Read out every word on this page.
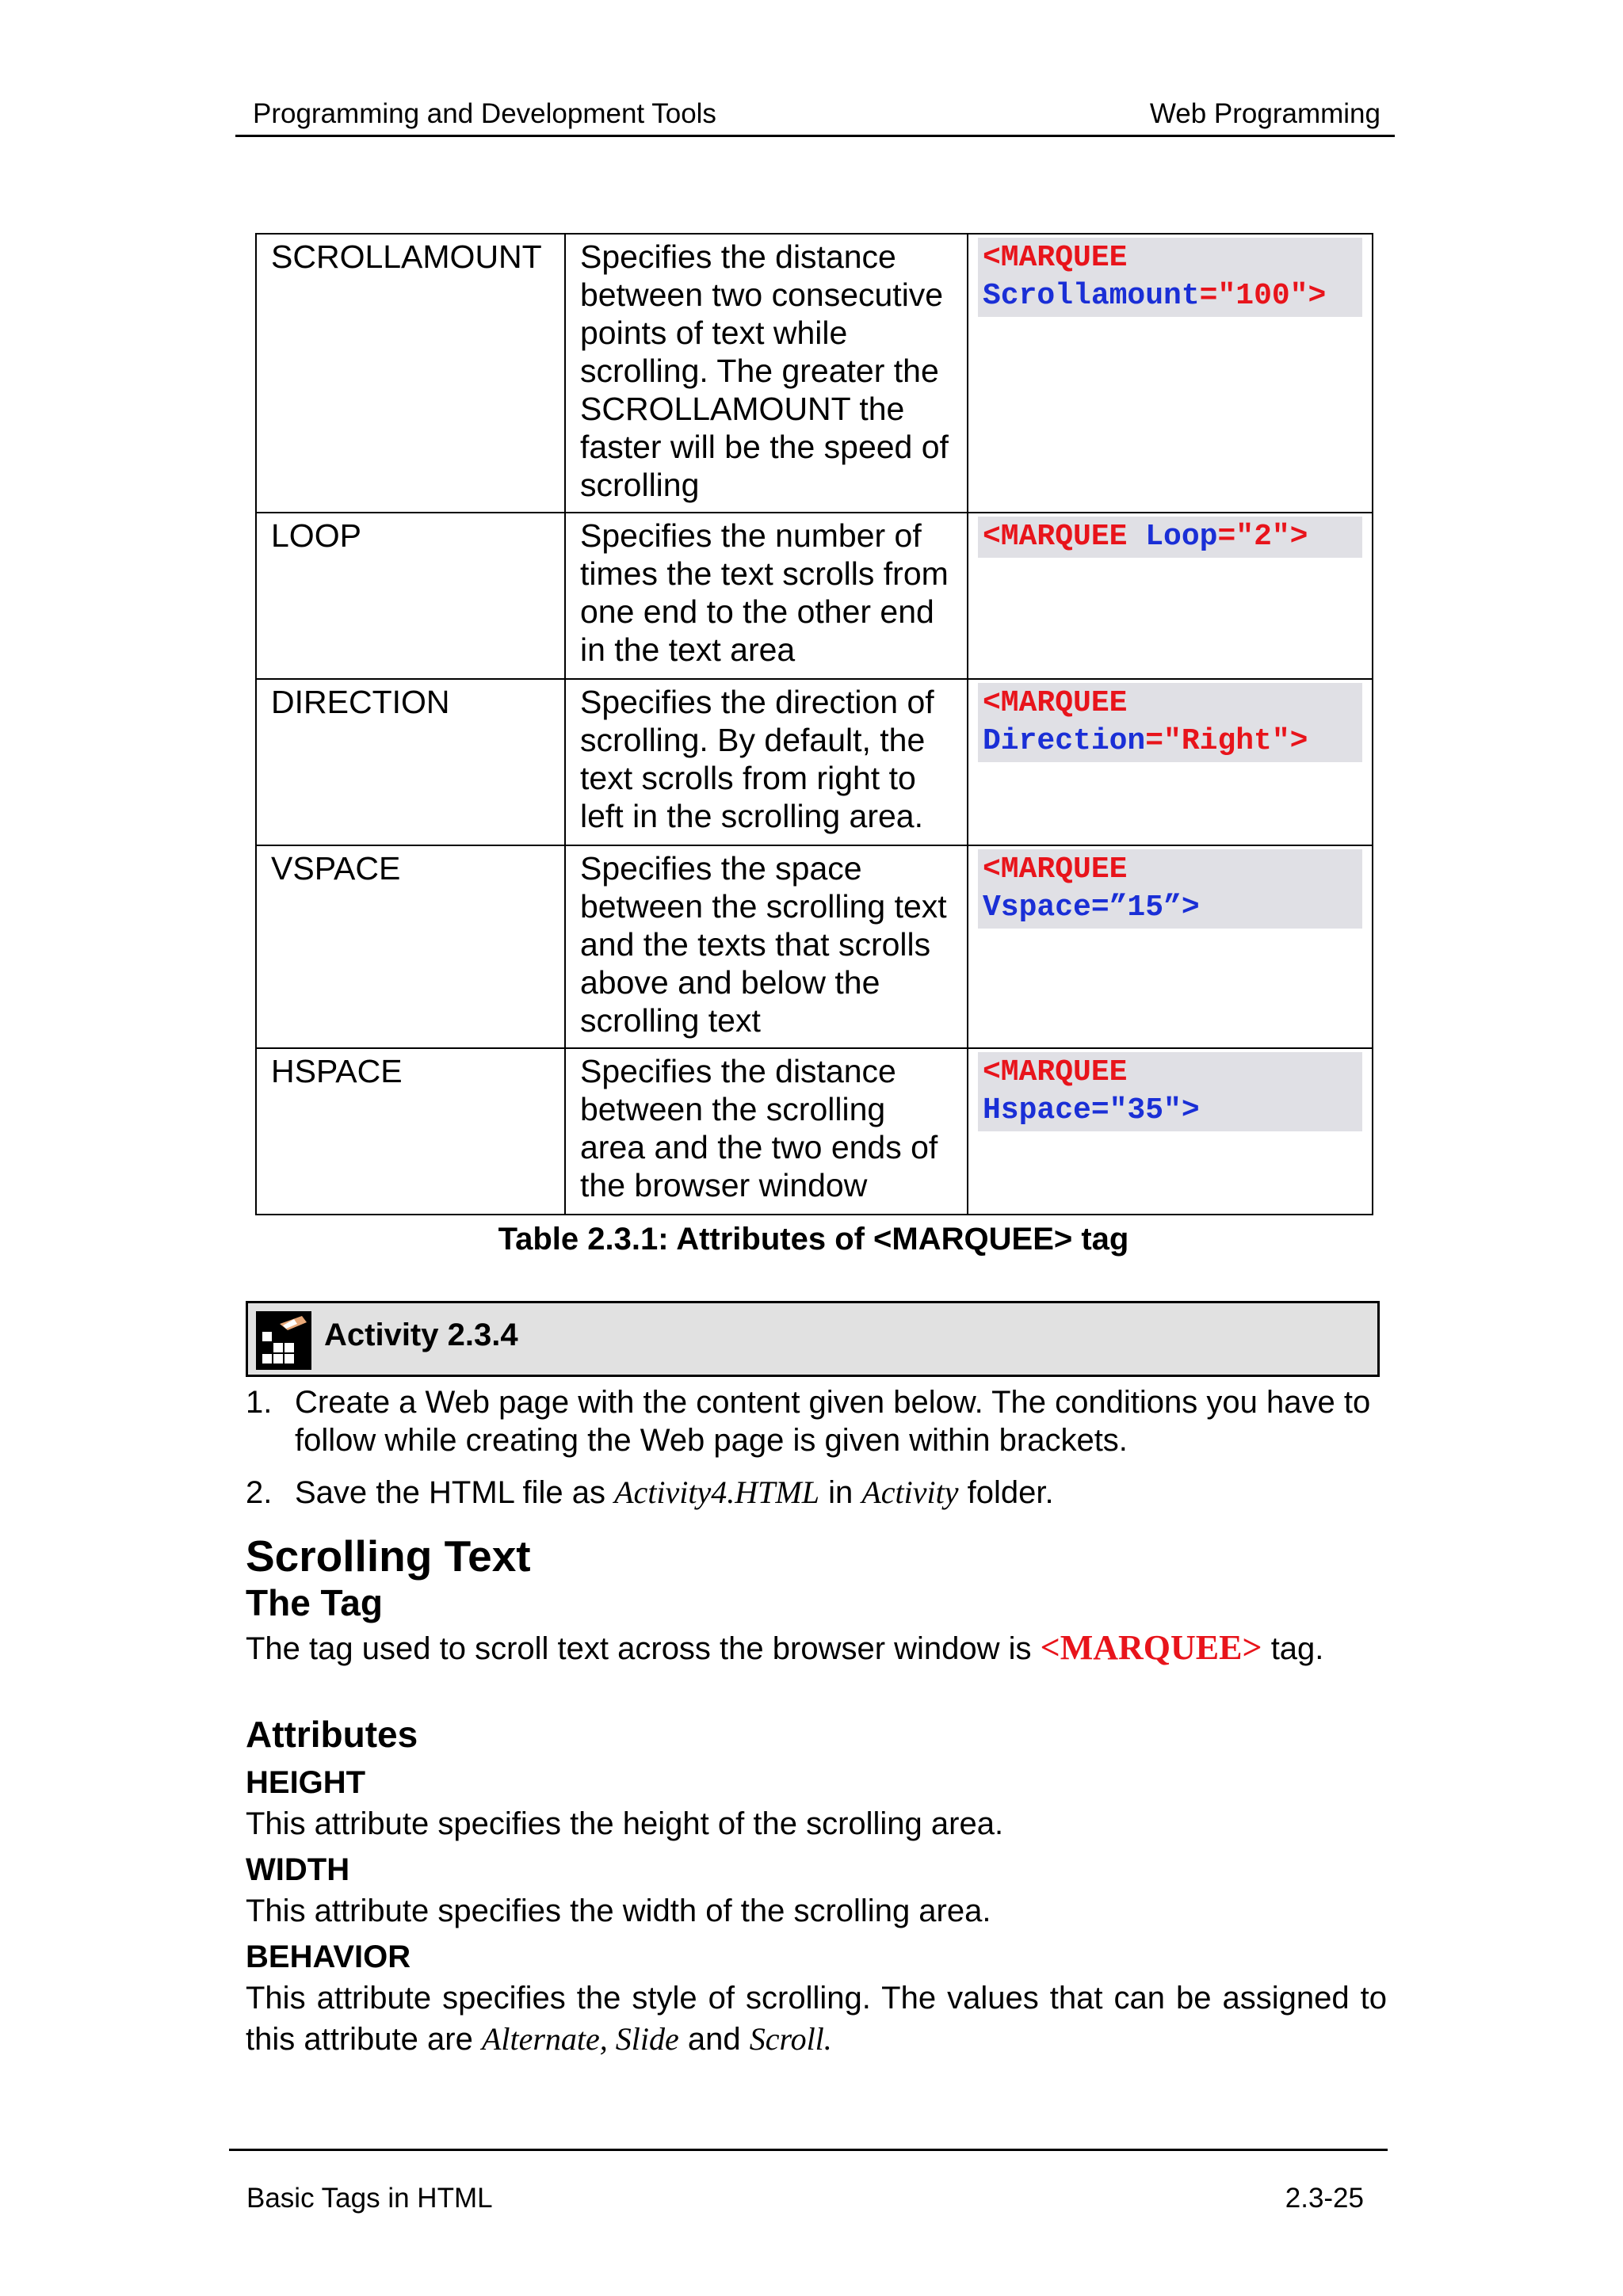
Programming and Development Tools	Web Programming
SCROLLAMOUNT	Specifies the distance between two consecutive points of text while scrolling. The greater the SCROLLAMOUNT the faster will be the speed of scrolling	<MARQUEE
Scrollamount="100">

LOOP	Specifies the number of times the text scrolls from one end to the other end in the text area	<MARQUEE Loop="2">

DIRECTION	Specifies the direction of scrolling. By default, the text scrolls from right to left in the scrolling area.	<MARQUEE
Direction="Right">

VSPACE	Specifies the space between the scrolling text and the texts that scrolls above and below the scrolling text	<MARQUEE
Vspace=”15”>

HSPACE	Specifies the distance between the scrolling area and the two ends of the browser window	<MARQUEE
Hspace="35">
Table 2.3.1: Attributes of <MARQUEE> tag
Activity 2.3.4
1. Create a Web page with the content given below. The conditions you have to follow while creating the Web page is given within brackets.
2. Save the HTML file as Activity4.HTML in Activity folder.
Scrolling Text
The Tag
The tag used to scroll text across the browser window is <MARQUEE> tag.
Attributes
HEIGHT
This attribute specifies the height of the scrolling area.
WIDTH
This attribute specifies the width of the scrolling area.
BEHAVIOR
This attribute specifies the style of scrolling. The values that can be assigned to this attribute are Alternate, Slide and Scroll.
Basic Tags in HTML	2.3-25
